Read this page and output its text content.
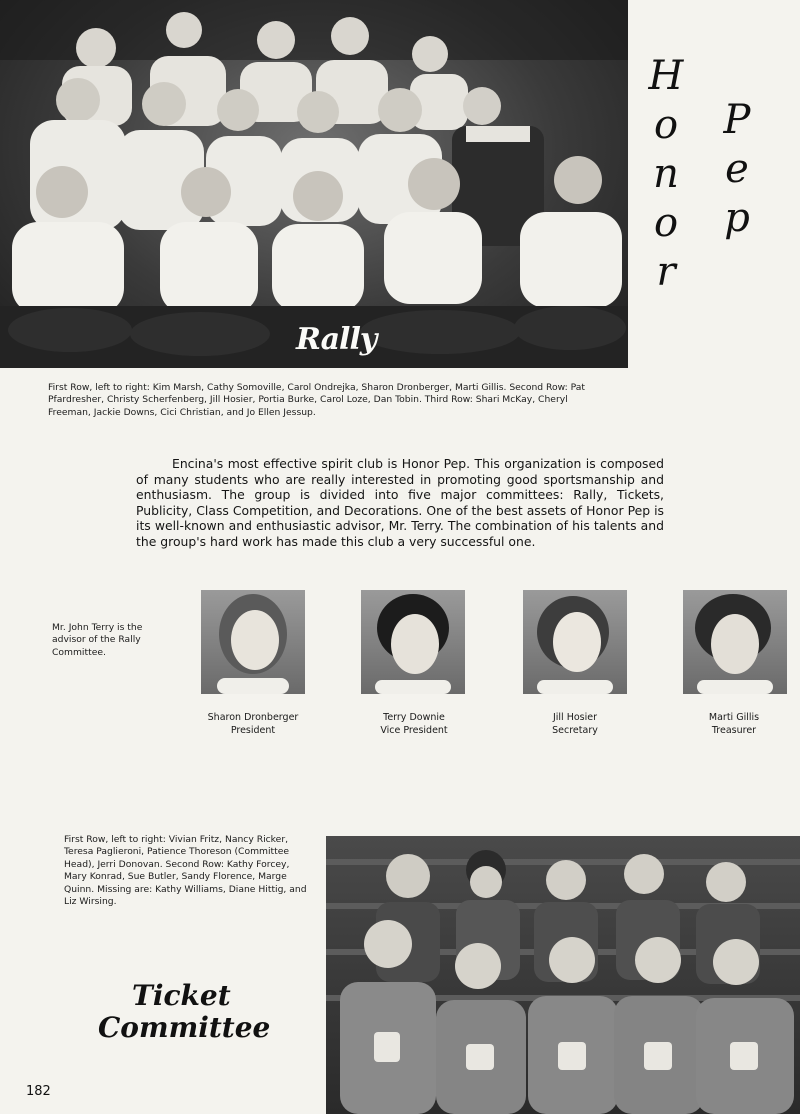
Rally
H
o
n
o
r
P
e
p
First Row, left to right: Kim Marsh, Cathy Somoville, Carol Ondrejka, Sharon Dronberger, Marti Gillis. Second Row: Pat Pfardresher, Christy Scherfenberg, Jill Hosier, Portia Burke, Carol Loze, Dan Tobin. Third Row: Shari McKay, Cheryl Freeman, Jackie Downs, Cici Christian, and Jo Ellen Jessup.

Encina's most effective spirit club is Honor Pep. This organization is composed of many students who are really interested in promoting good sportsmanship and enthusiasm. The group is divided into five major committees: Rally, Tickets, Publicity, Class Competition, and Decorations. One of the best assets of Honor Pep is its well-known and enthusiastic advisor, Mr. Terry. The combination of his talents and the group's hard work has made this club a very successful one.

Mr. John Terry is the advisor of the Rally Committee.
Sharon Dronberger
President
Terry Downie
Vice President
Jill Hosier
Secretary
Marti Gillis
Treasurer
First Row, left to right: Vivian Fritz, Nancy Ricker, Teresa Paglieroni, Patience Thoreson (Committee Head), Jerri Donovan. Second Row: Kathy Forcey, Mary Konrad, Sue Butler, Sandy Florence, Marge Quinn. Missing are: Kathy Williams, Diane Hittig, and Liz Wirsing.
Ticket
Committee
182
